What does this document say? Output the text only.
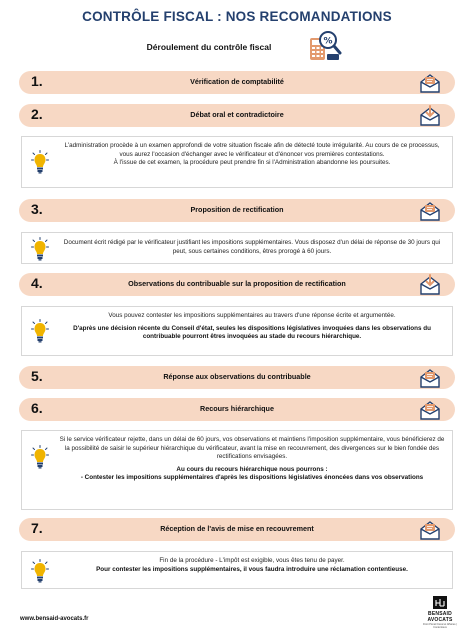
CONTRÔLE FISCAL : NOS RECOMANDATIONS
Déroulement du contrôle fiscal
%
1.	Vérification de comptabilité
2.	Débat oral et contradictoire
L'administration procède à un examen approfondi de votre situation fiscale afin de détecté toute irrégularité. Au cours de ce processus, vous aurez l'occasion d'échanger avec le vérificateur et d'énoncer vos premières contestations.
À l'issue de cet examen, la procédure peut prendre fin si l'Administration abandonne les poursuites.
3.	Proposition de rectification
Document écrit rédigé par le vérificateur justifiant les impositions supplémentaires. Vous disposez d'un délai de réponse de 30 jours qui peut, sous certaines conditions, êtres prorogé à 60 jours.
4.	Observations du contribuable sur la proposition de rectification
Vous pouvez contester les impositions supplémentaires au travers d'une réponse écrite et argumentée.
D'après une décision récente du Conseil d'état, seules les dispositions législatives invoquées dans les observations du contribuable pourront êtres invoquées au stade du recours hiérarchique.
5.	Réponse aux observations du contribuable
6.	Recours hiérarchique
Si le service vérificateur rejette, dans un délai de 60 jours, vos observations et maintiens l'imposition supplémentaire, vous bénéficierez de la possibilité de saisir le supérieur hiérarchique du vérificateur, avant la mise en recouvrement, des divergences sur le bien fondée des rectifications envisagées.
Au cours du recours hiérarchique nous pourrons :
- Contester les impositions supplémentaires d'après les dispositions législatives énoncées dans vos observations
7.	Réception de l'avis de mise en recouvrement
Fin de la procédure - L'impôt est exigible, vous êtes tenu de payer.
Pour contester les impositions supplémentaires, il vous faudra introduire une réclamation contentieuse.
www.bensaid-avocats.fr
BENSAID AVOCATS
Droit Pénal Fiscal et Affaires | Contentieux
